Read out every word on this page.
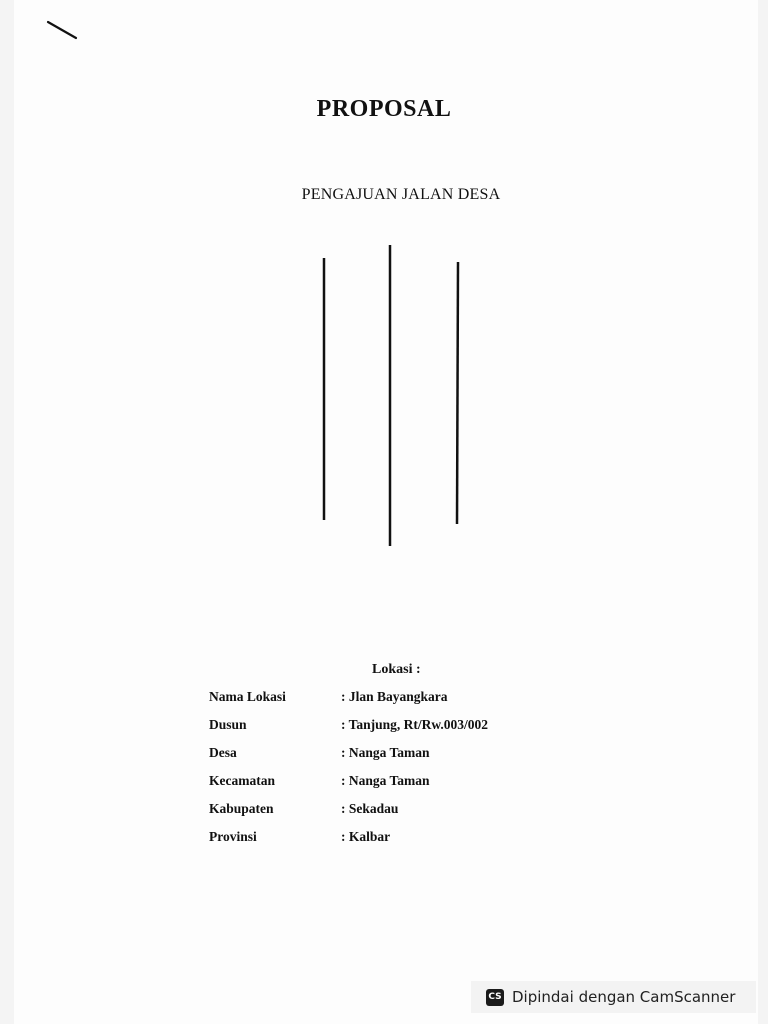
PROPOSAL
PENGAJUAN JALAN DESA
Lokasi :
Nama Lokasi	: Jlan Bayangkara
Dusun	: Tanjung, Rt/Rw.003/002
Desa	: Nanga Taman
Kecamatan	: Nanga Taman
Kabupaten	: Sekadau
Provinsi	: Kalbar
CS Dipindai dengan CamScanner
